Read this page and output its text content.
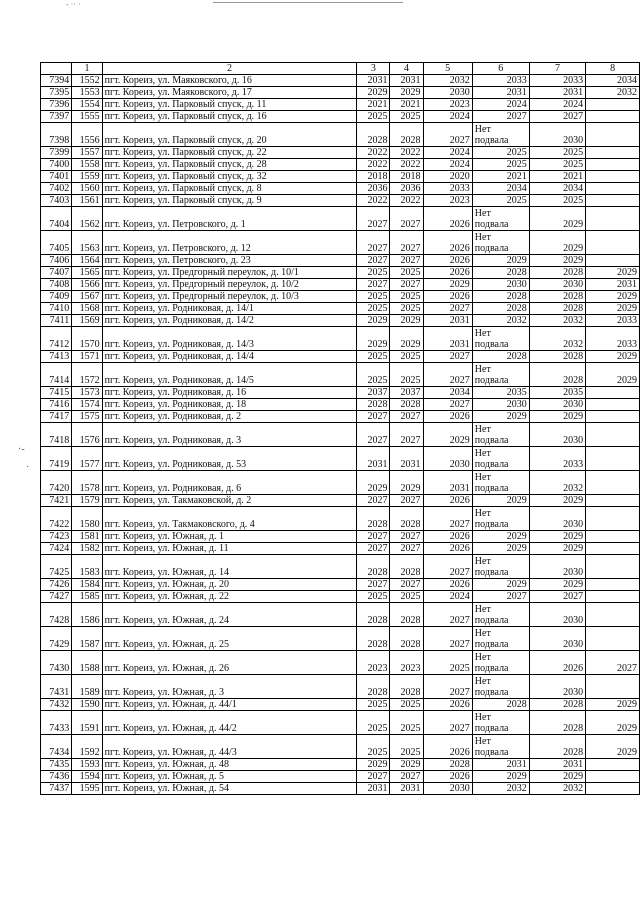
‐ ·· ·
·‐
·
	1	2	3	4	5	6	7	8
7394	1552	пгт. Кореиз, ул. Маяковского, д. 16	2031	2031	2032	2033	2033	2034
7395	1553	пгт. Кореиз, ул. Маяковского, д. 17	2029	2029	2030	2031	2031	2032
7396	1554	пгт. Кореиз, ул. Парковый спуск, д. 11	2021	2021	2023	2024	2024	
7397	1555	пгт. Кореиз, ул. Парковый спуск, д. 16	2025	2025	2024	2027	2027	
7398	1556	пгт. Кореиз, ул. Парковый спуск, д. 20	2028	2028	2027	Нет подвала	2030	
7399	1557	пгт. Кореиз, ул. Парковый спуск, д. 22	2022	2022	2024	2025	2025	
7400	1558	пгт. Кореиз, ул. Парковый спуск, д. 28	2022	2022	2024	2025	2025	
7401	1559	пгт. Кореиз, ул. Парковый спуск, д. 32	2018	2018	2020	2021	2021	
7402	1560	пгт. Кореиз, ул. Парковый спуск, д. 8	2036	2036	2033	2034	2034	
7403	1561	пгт. Кореиз, ул. Парковый спуск, д. 9	2022	2022	2023	2025	2025	
7404	1562	пгт. Кореиз, ул. Петровского, д. 1	2027	2027	2026	Нет подвала	2029	
7405	1563	пгт. Кореиз, ул. Петровского, д. 12	2027	2027	2026	Нет подвала	2029	
7406	1564	пгт. Кореиз, ул. Петровского, д. 23	2027	2027	2026	2029	2029	
7407	1565	пгт. Кореиз, ул. Предгорный переулок, д. 10/1	2025	2025	2026	2028	2028	2029
7408	1566	пгт. Кореиз, ул. Предгорный переулок, д. 10/2	2027	2027	2029	2030	2030	2031
7409	1567	пгт. Кореиз, ул. Предгорный переулок, д. 10/3	2025	2025	2026	2028	2028	2029
7410	1568	пгт. Кореиз, ул. Родниковая, д. 14/1	2025	2025	2027	2028	2028	2029
7411	1569	пгт. Кореиз, ул. Родниковая, д. 14/2	2029	2029	2031	2032	2032	2033
7412	1570	пгт. Кореиз, ул. Родниковая, д. 14/3	2029	2029	2031	Нет подвала	2032	2033
7413	1571	пгт. Кореиз, ул. Родниковая, д. 14/4	2025	2025	2027	2028	2028	2029
7414	1572	пгт. Кореиз, ул. Родниковая, д. 14/5	2025	2025	2027	Нет подвала	2028	2029
7415	1573	пгт. Кореиз, ул. Родниковая, д. 16	2037	2037	2034	2035	2035	
7416	1574	пгт. Кореиз, ул. Родниковая, д. 18	2028	2028	2027	2030	2030	
7417	1575	пгт. Кореиз, ул. Родниковая, д. 2	2027	2027	2026	2029	2029	
7418	1576	пгт. Кореиз, ул. Родниковая, д. 3	2027	2027	2029	Нет подвала	2030	
7419	1577	пгт. Кореиз, ул. Родниковая, д. 53	2031	2031	2030	Нет подвала	2033	
7420	1578	пгт. Кореиз, ул. Родниковая, д. 6	2029	2029	2031	Нет подвала	2032	
7421	1579	пгт. Кореиз, ул. Такмаковской, д. 2	2027	2027	2026	2029	2029	
7422	1580	пгт. Кореиз, ул. Такмаковского, д. 4	2028	2028	2027	Нет подвала	2030	
7423	1581	пгт. Кореиз, ул. Южная, д. 1	2027	2027	2026	2029	2029	
7424	1582	пгт. Кореиз, ул. Южная, д. 11	2027	2027	2026	2029	2029	
7425	1583	пгт. Кореиз, ул. Южная, д. 14	2028	2028	2027	Нет подвала	2030	
7426	1584	пгт. Кореиз, ул. Южная, д. 20	2027	2027	2026	2029	2029	
7427	1585	пгт. Кореиз, ул. Южная, д. 22	2025	2025	2024	2027	2027	
7428	1586	пгт. Кореиз, ул. Южная, д. 24	2028	2028	2027	Нет подвала	2030	
7429	1587	пгт. Кореиз, ул. Южная, д. 25	2028	2028	2027	Нет подвала	2030	
7430	1588	пгт. Кореиз, ул. Южная, д. 26	2023	2023	2025	Нет подвала	2026	2027
7431	1589	пгт. Кореиз, ул. Южная, д. 3	2028	2028	2027	Нет подвала	2030	
7432	1590	пгт. Кореиз, ул. Южная, д. 44/1	2025	2025	2026	2028	2028	2029
7433	1591	пгт. Кореиз, ул. Южная, д. 44/2	2025	2025	2027	Нет подвала	2028	2029
7434	1592	пгт. Кореиз, ул. Южная, д. 44/3	2025	2025	2026	Нет подвала	2028	2029
7435	1593	пгт. Кореиз, ул. Южная, д. 48	2029	2029	2028	2031	2031	
7436	1594	пгт. Кореиз, ул. Южная, д. 5	2027	2027	2026	2029	2029	
7437	1595	пгт. Кореиз, ул. Южная, д. 54	2031	2031	2030	2032	2032	
